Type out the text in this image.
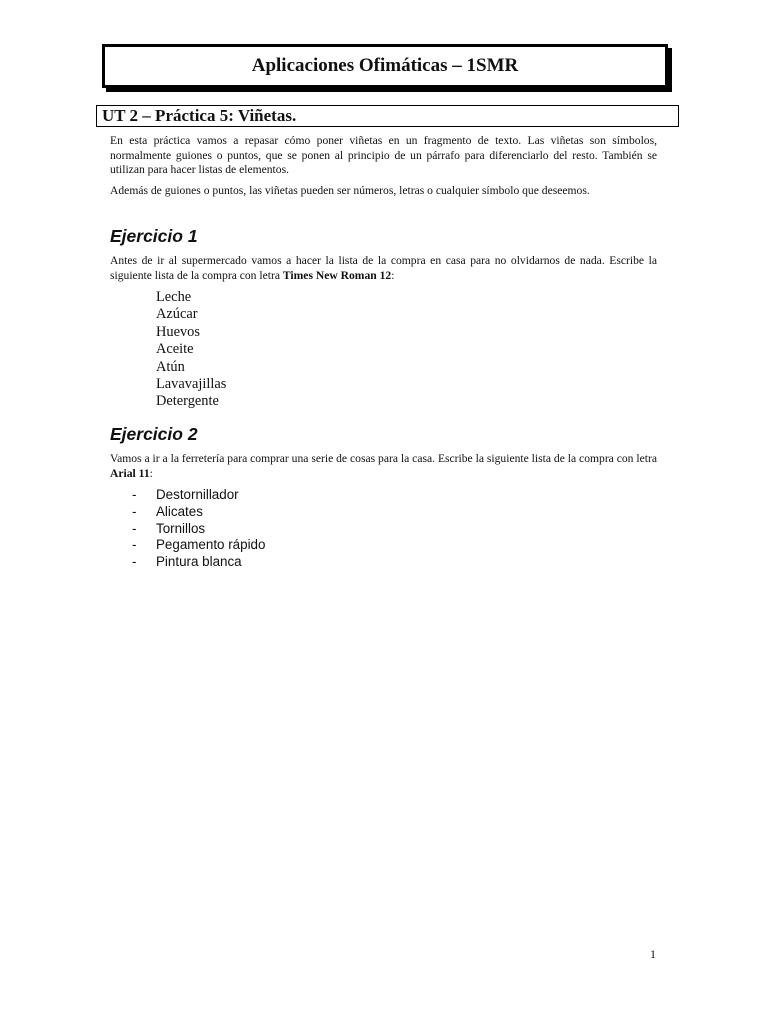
Aplicaciones Ofimáticas – 1SMR
UT 2 – Práctica 5: Viñetas.

En esta práctica vamos a repasar cómo poner viñetas en un fragmento de texto. Las viñetas son símbolos, normalmente guiones o puntos, que se ponen al principio de un párrafo para diferenciarlo del resto. También se utilizan para hacer listas de elementos.

Además de guiones o puntos, las viñetas pueden ser números, letras o cualquier símbolo que deseemos.

Ejercicio 1

Antes de ir al supermercado vamos a hacer la lista de la compra en casa para no olvidarnos de nada. Escribe la siguiente lista de la compra con letra Times New Roman 12:

Leche
Azúcar
Huevos
Aceite
Atún
Lavavajillas
Detergente
Ejercicio 2

Vamos a ir a la ferretería para comprar una serie de cosas para la casa. Escribe la siguiente lista de la compra con letra Arial 11:

-	Destornillador
-	Alicates
-	Tornillos
-	Pegamento rápido
-	Pintura blanca
1
